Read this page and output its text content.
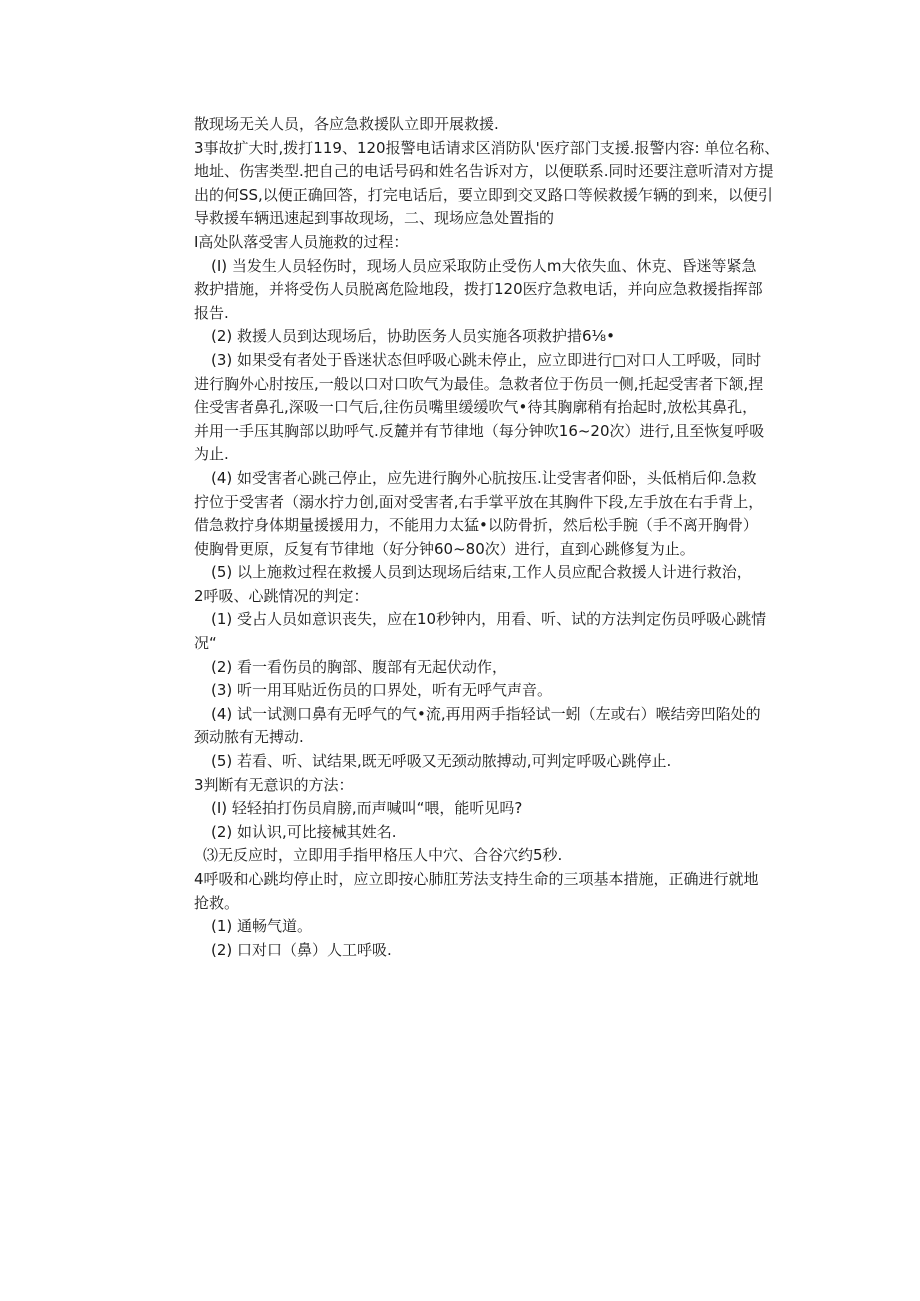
散现场无关人员，各应急救援队立即开展救援.
3事故扩大时,拨打119、120报警电话请求区消防队'医疗部门支援.报警内容: 单位名称、
地址、伤害类型.把自己的电话号码和姓名告诉对方，以便联系.同时还要注意听清对方提
出的何SS,以便正确回答，打完电话后，要立即到交叉路口等候救援乍辆的到来，以便引
导救援车辆迅速起到事故现场，二、现场应急处置指的
I高处队落受害人员施救的过程：
(I) 当发生人员轻伤时，现场人员应采取防止受伤人m大依失血、休克、昏迷等紧急
救护措施，并将受伤人员脱离危险地段，拨打120医疗急救电话，并向应急救援指挥部
报告.
(2) 救援人员到达现场后，协助医务人员实施各项救护措6⅛•
(3) 如果受有者处于昏迷状态但呼吸心跳未停止，应立即进行□对口人工呼吸，同时
进行胸外心肘按压,一般以口对口吹气为最佳。急救者位于伤员一侧,托起受害者下颔,捏
住受害者鼻孔,深吸一口气后,往伤员嘴里缓缓吹气•待其胸廓稍有抬起时,放松其鼻孔，
并用一手压其胸部以助呼气.反麓并有节律地（每分钟吹16~20次）进行,且至恢复呼吸
为止.
(4) 如受害者心跳己停止，应先进行胸外心肮按压.让受害者仰卧，头低梢后仰.急救
拧位于受害者（溺水拧力创,面对受害者,右手掌平放在其胸件下段,左手放在右手背上，
借急救拧身体期量援援用力，不能用力太猛•以防骨折，然后松手腕（手不离开胸骨）
使胸骨更原，反复有节律地（好分钟60~80次）进行，直到心跳修复为止。
(5) 以上施救过程在救援人员到达现场后结束,工作人员应配合救援人计进行救治，
2呼吸、心跳情况的判定：
(1) 受占人员如意识丧失，应在10秒钟内，用看、听、试的方法判定伤员呼吸心跳情
况“
(2) 看一看伤员的胸部、腹部有无起伏动作，
(3) 听一用耳贴近伤员的口界处，听有无呼气声音。
(4) 试一试测口鼻有无呼气的气•流,再用两手指轻试一蚓（左或右）喉结旁凹陷处的
颈动脓有无搏动.
(5) 若看、听、试结果,既无呼吸又无颈动脓搏动,可判定呼吸心跳停止.
3判断有无意识的方法：
(I) 轻轻拍打伤员肩膀,而声喊叫“喂，能听见吗?
(2) 如认识,可比接械其姓名.
⑶无反应时，立即用手指甲格压人中穴、合谷穴约5秒.
4呼吸和心跳均停止时，应立即按心肺肛芳法支持生命的三项基本措施，正确进行就地
抢救。
(1) 通畅气道。
(2) 口对口（鼻）人工呼吸.
